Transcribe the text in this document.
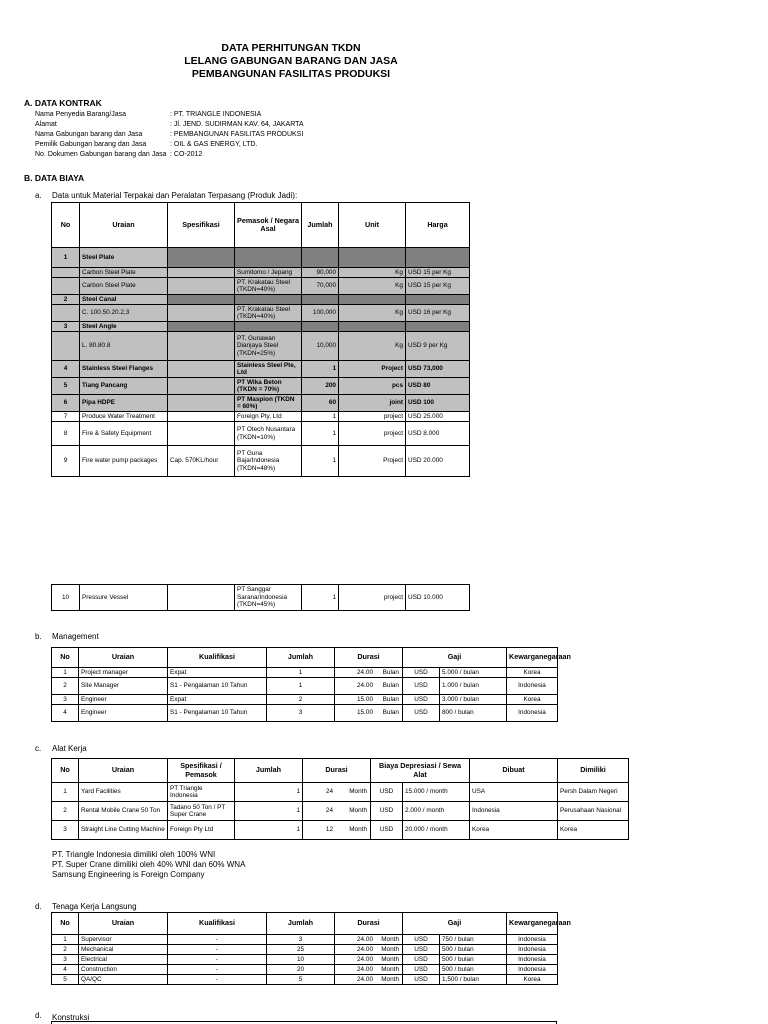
DATA PERHITUNGAN TKDN
LELANG GABUNGAN BARANG DAN JASA
PEMBANGUNAN FASILITAS PRODUKSI
A. DATA KONTRAK
Nama Penyedia Barang/Jasa	: PT. TRIANGLE INDONESIA
Alamat	: Jl. JEND. SUDIRMAN KAV. 64, JAKARTA
Nama Gabungan barang dan Jasa	: PEMBANGUNAN FASILITAS PRODUKSI
Pemilik Gabungan barang dan Jasa	: OIL & GAS ENERGY, LTD.
No. Dokumen Gabungan barang dan Jasa : CO-2012
B. DATA BIAYA
a. Data untuk Material Terpakai dan Peralatan Terpasang (Produk Jadi):
No	Uraian	Spesifikasi	Pemasok / Negara Asal	Jumlah	Unit	Harga
1	Steel Plate					
	Carbon Steel Plate		Sumitomo / Jepang	90,000	Kg	USD 15 per Kg
	Carbon Steel Plate		PT. Krakatau Steel (TKDN=40%)	70,000	Kg	USD 15 per Kg
2	Steel Canal					
	C. 100.50.20.2,3		PT. Krakatau Steel (TKDN=40%)	100,000	Kg	USD 16 per Kg
3	Steel Angle					
	L. 80.80.8		PT. Gunawan Dianjaya Steel (TKDN=25%)	10,000	Kg	USD 9 per Kg
4	Stainless Steel Flanges		Stainless Steel Pte, Ltd	1	Project	USD 73,000
5	Tiang Pancang		PT Wika Beton (TKDN = 70%)	200	pcs	USD 80
6	Pipa HDPE		PT Maspion (TKDN = 60%)	60	joint	USD 100
7	Produce Water Treatment		Foreign Pty, Ltd	1	project	USD 25.000
8	Fire & Safety Equipment		PT Otech Nusantara (TKDN=10%)	1	project	USD 8.000
9	Fire water pump packages	Cap. 570KL/hour	PT Guna Baja/Indonesia (TKDN=48%)	1	Project	USD 20.000
10	Pressure Vessel		PT Sanggar Sarana/Indonesia (TKDN=45%)	1	project	USD 10.000
b. Management
No	Uraian	Kualifikasi	Jumlah	Durasi	Gaji		Kewarganegaraan
1	Project manager	Expat	1	24.00 Bulan	USD	5.000 / bulan	Korea
2	Site Manager	S1 - Pengalaman 10 Tahun	1	24.00 Bulan	USD	1.000 / bulan	Indonesia
3	Engineer	Expat	2	15.00 Bulan	USD	3.000 / bulan	Korea
4	Engineer	S1 - Pengalaman 10 Tahun	3	15.00 Bulan	USD	800 / bulan	Indonesia
c. Alat Kerja
No	Uraian	Spesifikasi / Pemasok	Jumlah	Durasi	Biaya Depresiasi / Sewa Alat		Dibuat	Dimiliki
1	Yard Facilities	PT Triangle Indonesia	1	24 Month	USD	15.000 / month	USA	Persh Dalam Negeri
2	Rental Mobile Crane 50 Ton	Tadano 50 Ton / PT Super Crane	1	24 Month	USD	2.000 / month	Indonesia	Perusahaan Nasional
3	Straight Line Cutting Machine	Foreign Pty Ltd	1	12 Month	USD	20.000 / month	Korea	Korea
PT. Triangle Indonesia dimiliki oleh 100% WNI
PT. Super Crane dimiliki oleh 40% WNI dan 60% WNA
Samsung Engineering is Foreign Company
d. Tenaga Kerja Langsung
No	Uraian	Kualifikasi	Jumlah	Durasi	Gaji		Kewarganegaraan
1	Supervisor	-	3	24.00 Month	USD	750 / bulan	Indonesia
2	Mechanical	-	25	24.00 Month	USD	500 / bulan	Indonesia
3	Electrical	-	10	24.00 Month	USD	500 / bulan	Indonesia
4	Construction	-	20	24.00 Month	USD	500 / bulan	Indonesia
5	QA/QC	-	5	24.00 Month	USD	1,500 / bulan	Korea
d. Konstruksi
